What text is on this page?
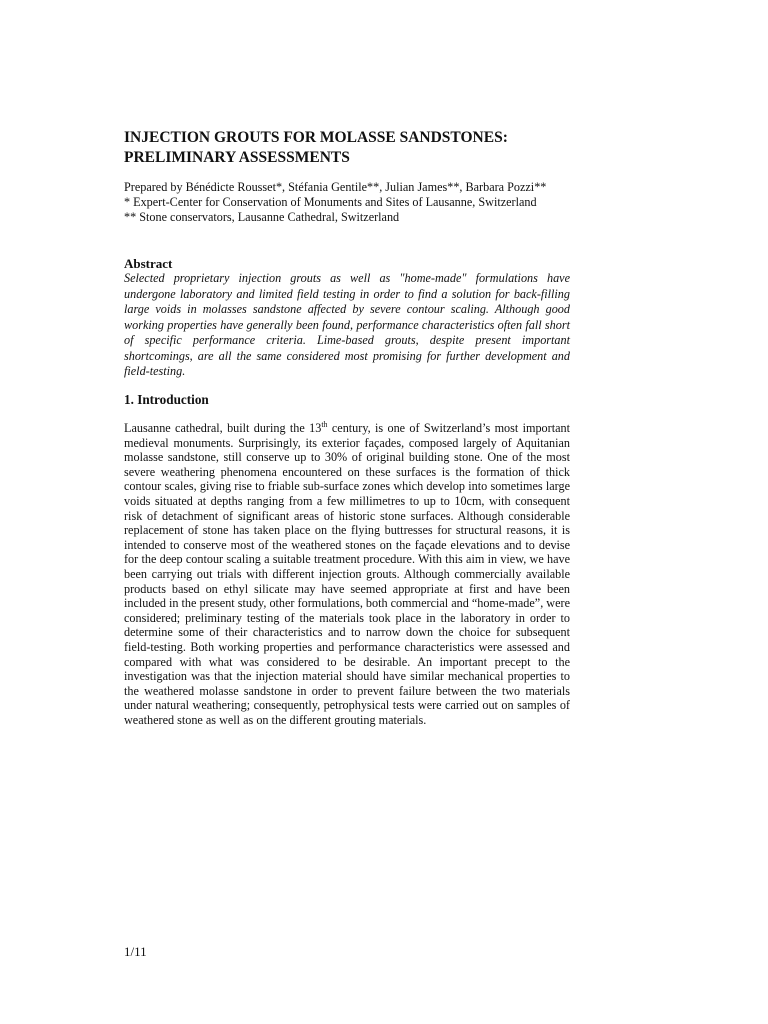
INJECTION GROUTS FOR MOLASSE SANDSTONES:
PRELIMINARY ASSESSMENTS
Prepared by Bénédicte Rousset*, Stéfania Gentile**, Julian James**, Barbara Pozzi**
* Expert-Center for Conservation of Monuments and Sites of Lausanne, Switzerland
** Stone conservators, Lausanne Cathedral, Switzerland
Abstract

Selected proprietary injection grouts as well as "home-made" formulations have undergone laboratory and limited field testing in order to find a solution for back-filling large voids in molasses sandstone affected by severe contour scaling. Although good working properties have generally been found, performance characteristics often fall short of specific performance criteria. Lime-based grouts, despite present important shortcomings, are all the same considered most promising for further development and field-testing.

1. Introduction

Lausanne cathedral, built during the 13th century, is one of Switzerland’s most important medieval monuments. Surprisingly, its exterior façades, composed largely of Aquitanian molasse sandstone, still conserve up to 30% of original building stone. One of the most severe weathering phenomena encountered on these surfaces is the formation of thick contour scales, giving rise to friable sub-surface zones which develop into sometimes large voids situated at depths ranging from a few millimetres to up to 10cm, with consequent risk of detachment of significant areas of historic stone surfaces. Although considerable replacement of stone has taken place on the flying buttresses for structural reasons, it is intended to conserve most of the weathered stones on the façade elevations and to devise for the deep contour scaling a suitable treatment procedure. With this aim in view, we have been carrying out trials with different injection grouts. Although commercially available products based on ethyl silicate may have seemed appropriate at first and have been included in the present study, other formulations, both commercial and “home-made”, were considered; preliminary testing of the materials took place in the laboratory in order to determine some of their characteristics and to narrow down the choice for subsequent field-testing. Both working properties and performance characteristics were assessed and compared with what was considered to be desirable. An important precept to the investigation was that the injection material should have similar mechanical properties to the weathered molasse sandstone in order to prevent failure between the two materials under natural weathering; consequently, petrophysical tests were carried out on samples of weathered stone as well as on the different grouting materials.

1/11
